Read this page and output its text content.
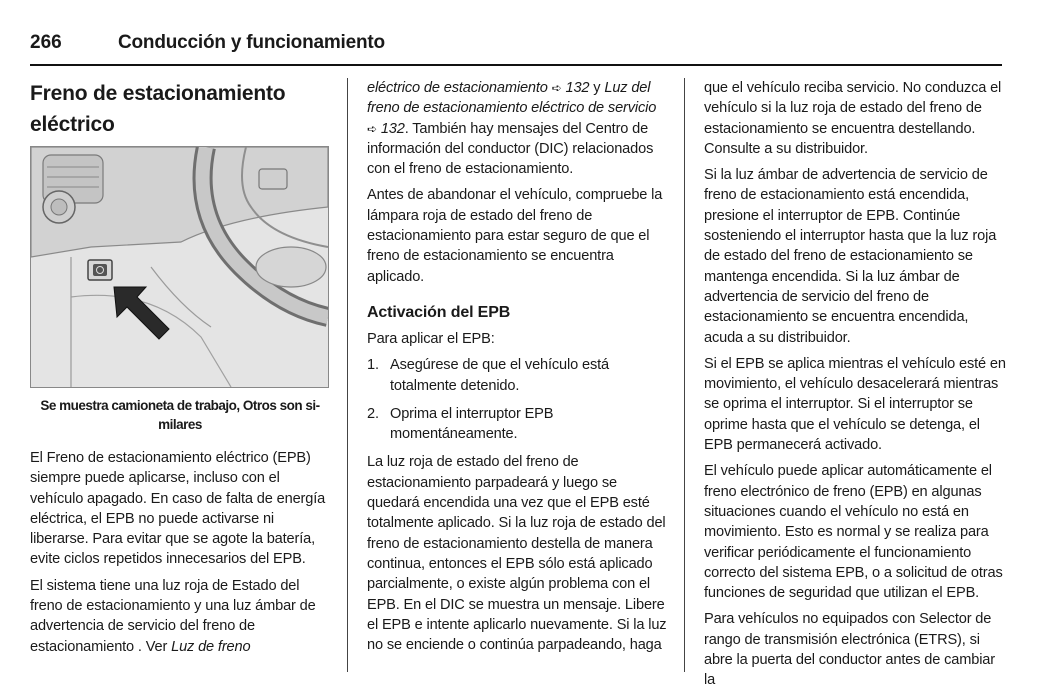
266	Conducción y funcionamiento
Freno de estacionamiento
eléctrico
Se muestra camioneta de trabajo, Otros son si-
milares

El Freno de estacionamiento eléctrico (EPB) siempre puede aplicarse, incluso con el vehículo apagado. En caso de falta de energía eléctrica, el EPB no puede activarse ni liberarse. Para evitar que se agote la batería, evite ciclos repetidos innecesarios del EPB.

El sistema tiene una luz roja de Estado del freno de estacionamiento y una luz ámbar de advertencia de servicio del freno de estacionamiento . Ver Luz de freno

eléctrico de estacionamiento ➪ 132 y Luz del freno de estacionamiento eléctrico de servicio
➪ 132. También hay mensajes del Centro de información del conductor (DIC) relacionados con el freno de estacionamiento.

Antes de abandonar el vehículo, compruebe la lámpara roja de estado del freno de estacionamiento para estar seguro de que el freno de estacionamiento se encuentra aplicado.

Activación del EPB

Para aplicar el EPB:

1. Asegúrese de que el vehículo está totalmente detenido.
2. Oprima el interruptor EPB momentáneamente.

La luz roja de estado del freno de estacionamiento parpadeará y luego se quedará encendida una vez que el EPB esté totalmente aplicado. Si la luz roja de estado del freno de estacionamiento destella de manera continua, entonces el EPB sólo está aplicado parcialmente, o existe algún problema con el EPB. En el DIC se muestra un mensaje. Libere el EPB e intente aplicarlo nuevamente. Si la luz no se enciende o continúa parpadeando, haga

que el vehículo reciba servicio. No conduzca el vehículo si la luz roja de estado del freno de estacionamiento se encuentra destellando. Consulte a su distribuidor.

Si la luz ámbar de advertencia de servicio de freno de estacionamiento está encendida, presione el interruptor de EPB. Continúe sosteniendo el interruptor hasta que la luz roja de estado del freno de estacionamiento se mantenga encendida. Si la luz ámbar de advertencia de servicio del freno de estacionamiento se encuentra encendida, acuda a su distribuidor.

Si el EPB se aplica mientras el vehículo esté en movimiento, el vehículo desacelerará mientras se oprima el interruptor. Si el interruptor se oprime hasta que el vehículo se detenga, el EPB permanecerá activado.

El vehículo puede aplicar automáticamente el freno electrónico de freno (EPB) en algunas situaciones cuando el vehículo no está en movimiento. Esto es normal y se realiza para verificar periódicamente el funcionamiento correcto del sistema EPB, o a solicitud de otras funciones de seguridad que utilizan el EPB.

Para vehículos no equipados con Selector de rango de transmisión electrónica (ETRS), si abre la puerta del conductor antes de cambiar la
